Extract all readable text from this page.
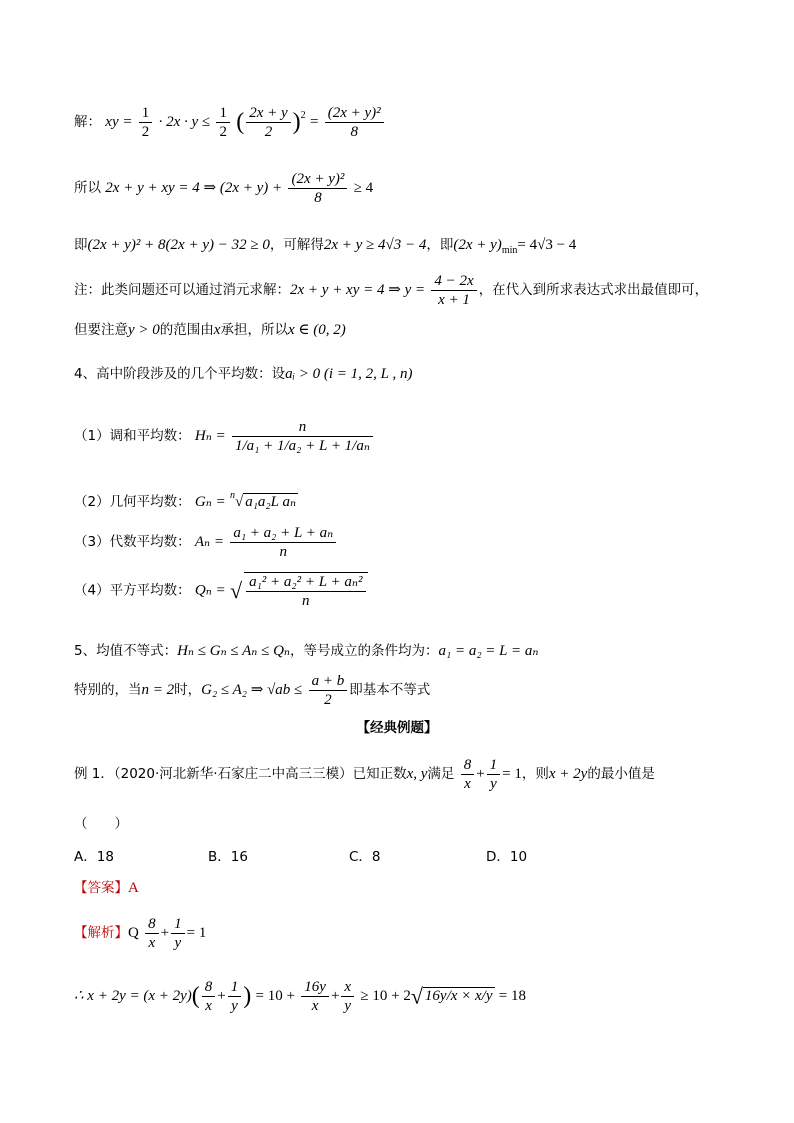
解： xy = $\frac{1}{2} \cdot 2x \cdot y \le \frac{1}{2}$ ( $\frac{2x + y}{2} )^2 = \frac{\text{(2x + y)²}}{8}$
所以 2x + y + xy = 4 ⇒ $(2x + y) + \frac{\text{(2x + y)²}}{8} \ge 4$
即(2x + y)² + 8(2x + y) − 32 ≥ 0，可解得2x + y ≥ 4√3 − 4，即$(2x + y)_{min}= 4√3 - 4$
注：此类问题还可以通过消元求解：2x + y + xy = 4 ⇒ $y = \frac{4 - 2x}{x + 1}$ ，在代入到所求表达式求出最值即可，
但要注意y > 0的范围由x承担，所以x ∈ (0, 2)
4、高中阶段涉及的几个平均数：设aᵢ > 0 (i = 1, 2, L , n)
（1）调和平均数： $H_n = \frac{n}{\text{1/a₁ + 1/a₂ + L + 1/aₙ}}$
（2）几何平均数： Gₙ = $^n$√ a₁a₂L aₙ
（3）代数平均数： $A_n = \frac{\text{a₁ + a₂ + L + aₙ}}{n}$
（4）平方平均数： Qₙ = √ $\frac{\text{a₁² + a₂² + L + aₙ²}}{n}$
5、均值不等式：Hₙ ≤ Gₙ ≤ Aₙ ≤ Qₙ，等号成立的条件均为：a₁ = a₂ = L = aₙ
特别的，当n = 2时，G₂ ≤ A₂ ⇒ $√ab \le \frac{a + b}{2}$ 即基本不等式
【经典例题】
例 1．（2020·河北新华·石家庄二中高三三模）已知正数x, y满足 $\frac{8}{x} + \frac{1}{y} = 1$，则x + 2y的最小值是
（　　）
A．18	B．16	C．8	D．10
【答案】A
【解析】Q $\frac{8}{x} + \frac{1}{y} = 1$
∴ $x + 2y = (x + 2y)( \frac{8}{x} + \frac{1}{y}$ ) = $10 + \frac{16y}{x} + \frac{x}{y} \ge 10 + 2√$ 16y/x × x/y = 18
